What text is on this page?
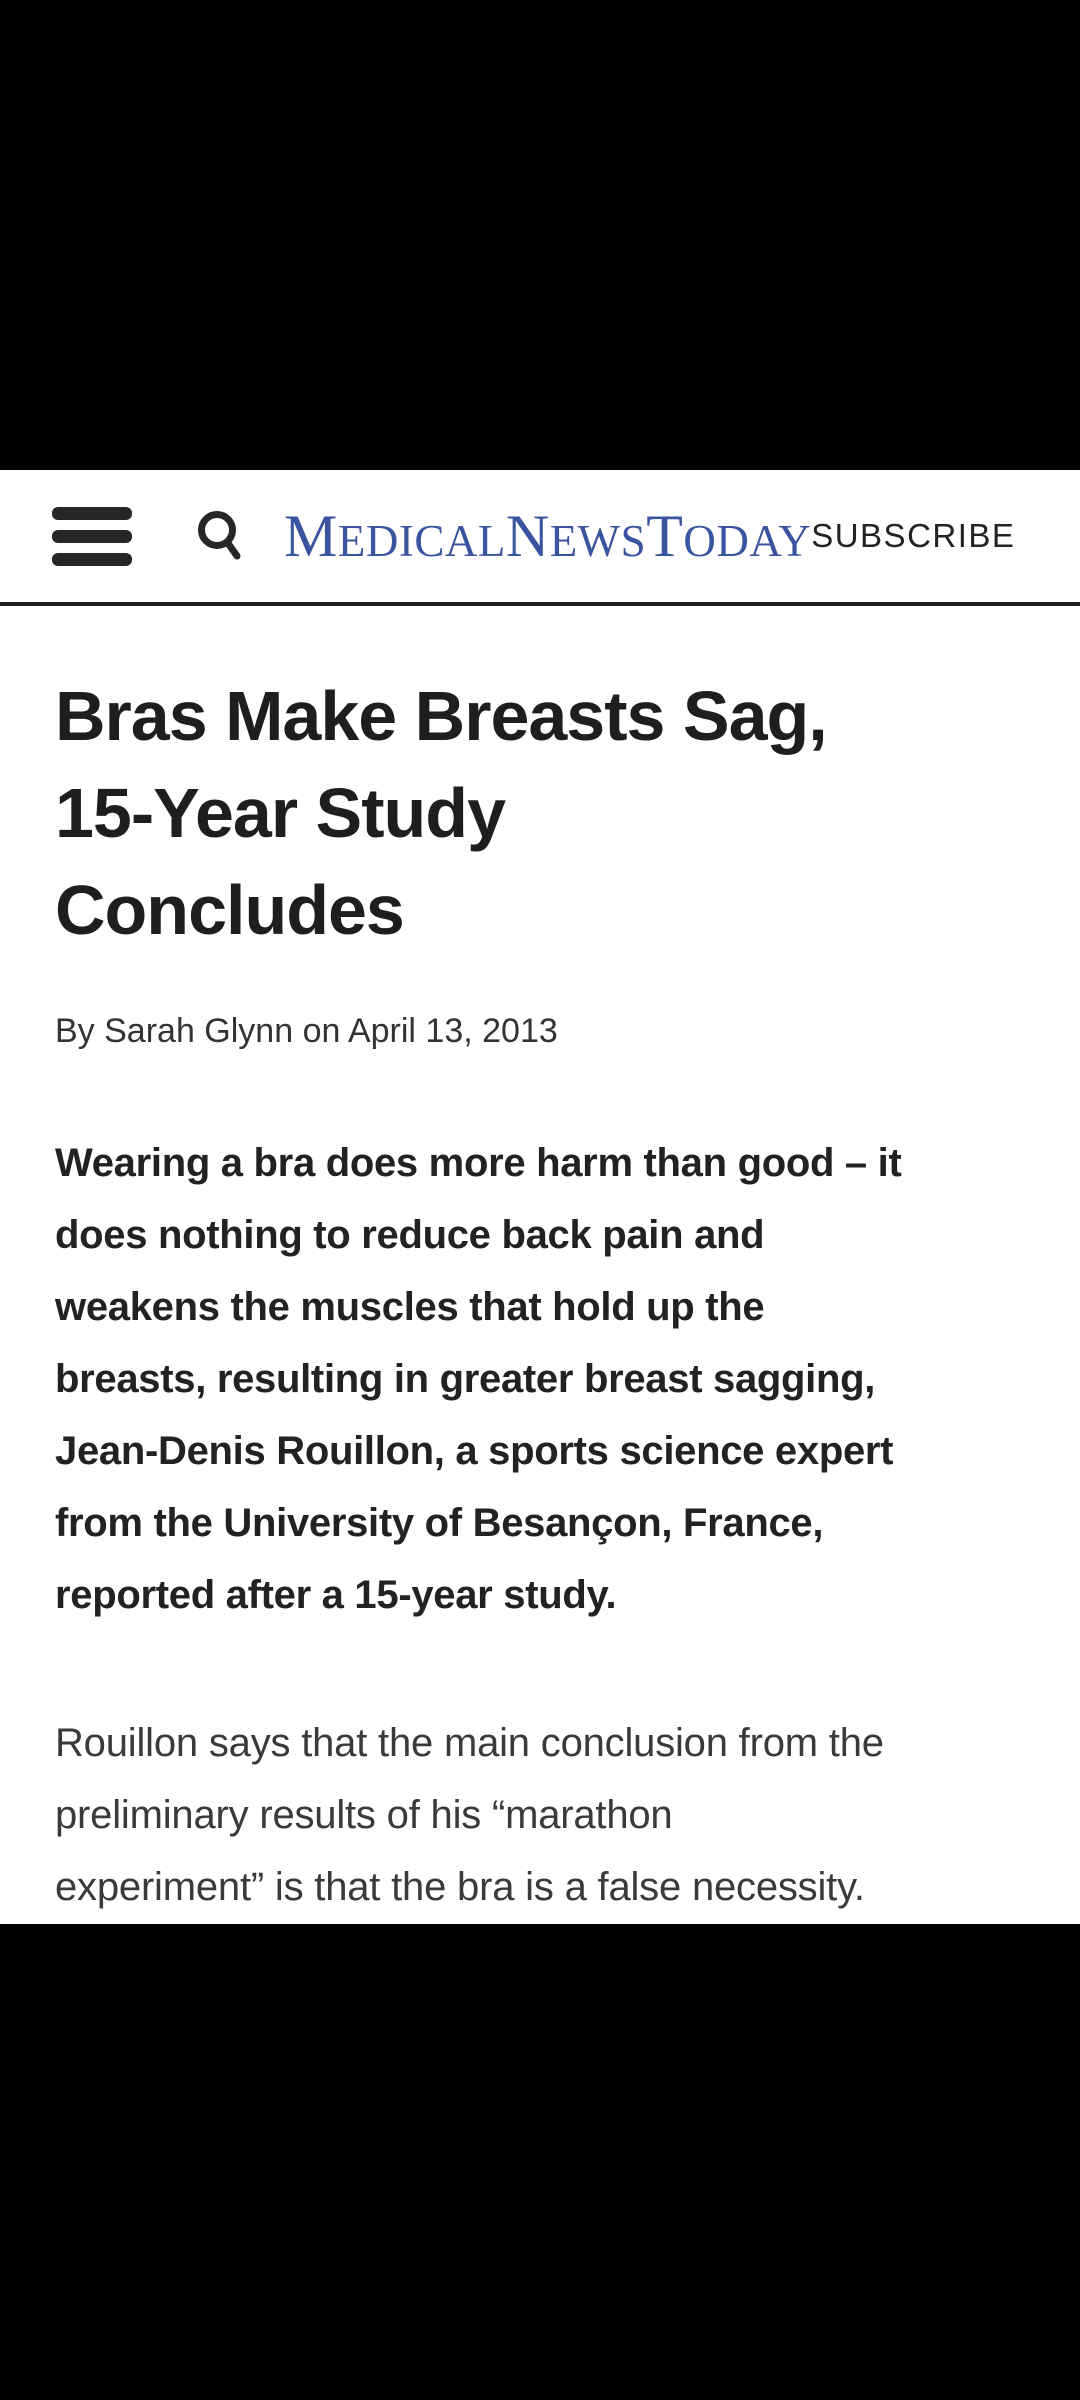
MEDICALNEWSTODAY SUBSCRIBE
Bras Make Breasts Sag,
15-Year Study
Concludes
By Sarah Glynn on April 13, 2013
Wearing a bra does more harm than good – it
does nothing to reduce back pain and
weakens the muscles that hold up the
breasts, resulting in greater breast sagging,
Jean-Denis Rouillon, a sports science expert
from the University of Besançon, France,
reported after a 15-year study.
Rouillon says that the main conclusion from the
preliminary results of his “marathon
experiment” is that the bra is a false necessity.
